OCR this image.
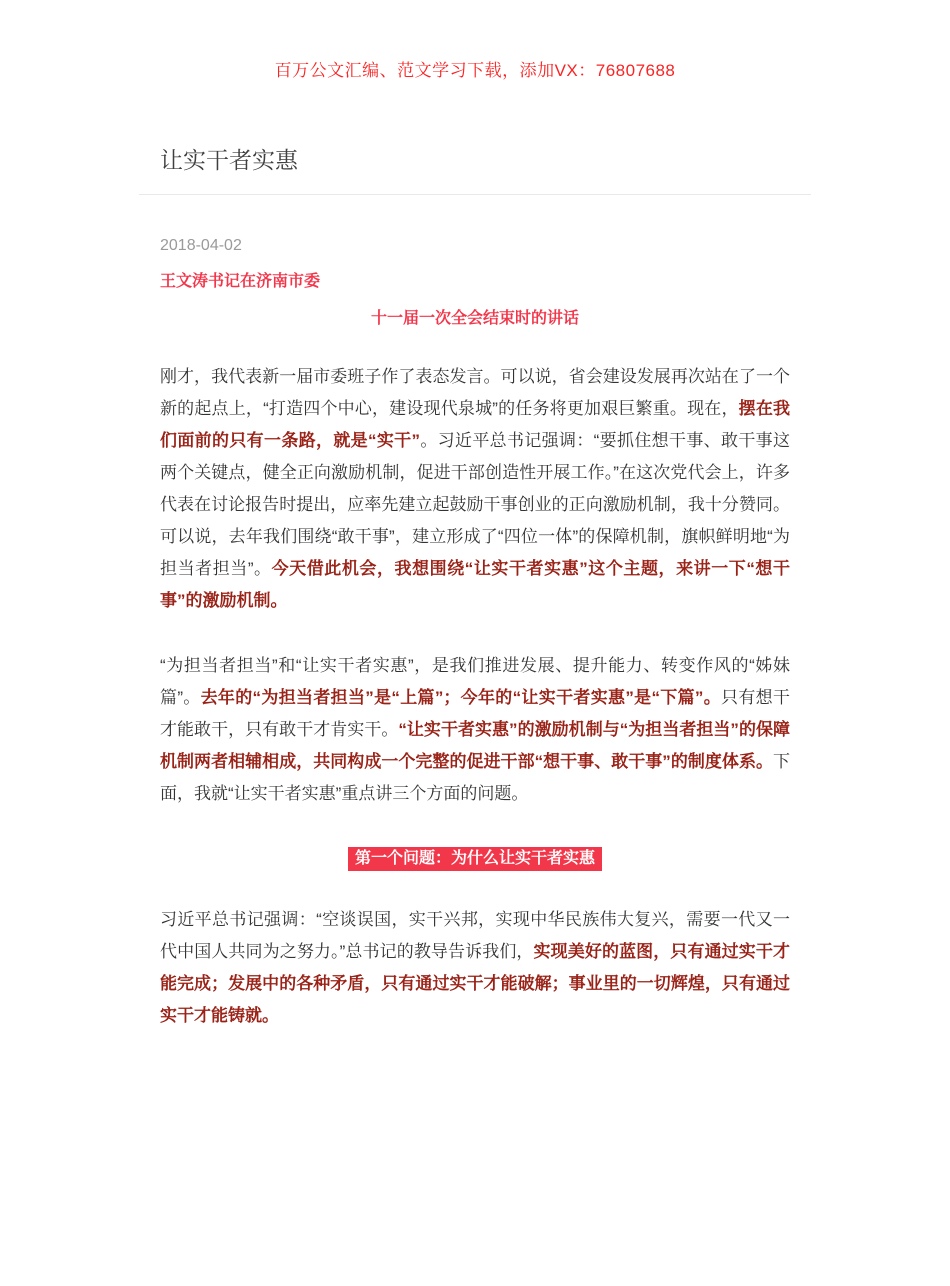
百万公文汇编、范文学习下载，添加VX：76807688
让实干者实惠
2018-04-02
王文涛书记在济南市委
十一届一次全会结束时的讲话

刚才，我代表新一届市委班子作了表态发言。可以说，省会建设发展再次站在了一个新的起点上，“打造四个中心，建设现代泉城”的任务将更加艰巨繁重。现在，摆在我们面前的只有一条路，就是“实干”。习近平总书记强调：“要抓住想干事、敢干事这两个关键点，健全正向激励机制，促进干部创造性开展工作。”在这次党代会上，许多代表在讨论报告时提出，应率先建立起鼓励干事创业的正向激励机制，我十分赞同。可以说，去年我们围绕“敢干事”，建立形成了“四位一体”的保障机制，旗帜鲜明地“为担当者担当”。今天借此机会，我想围绕“让实干者实惠”这个主题，来讲一下“想干事”的激励机制。

“为担当者担当”和“让实干者实惠”，是我们推进发展、提升能力、转变作风的“姊妹篇”。去年的“为担当者担当”是“上篇”；今年的“让实干者实惠”是“下篇”。只有想干才能敢干，只有敢干才肯实干。“让实干者实惠”的激励机制与“为担当者担当”的保障机制两者相辅相成，共同构成一个完整的促进干部“想干事、敢干事”的制度体系。下面，我就“让实干者实惠”重点讲三个方面的问题。

第一个问题：为什么让实干者实惠

习近平总书记强调：“空谈误国，实干兴邦，实现中华民族伟大复兴，需要一代又一代中国人共同为之努力。”总书记的教导告诉我们，实现美好的蓝图，只有通过实干才能完成；发展中的各种矛盾，只有通过实干才能破解；事业里的一切辉煌，只有通过实干才能铸就。
